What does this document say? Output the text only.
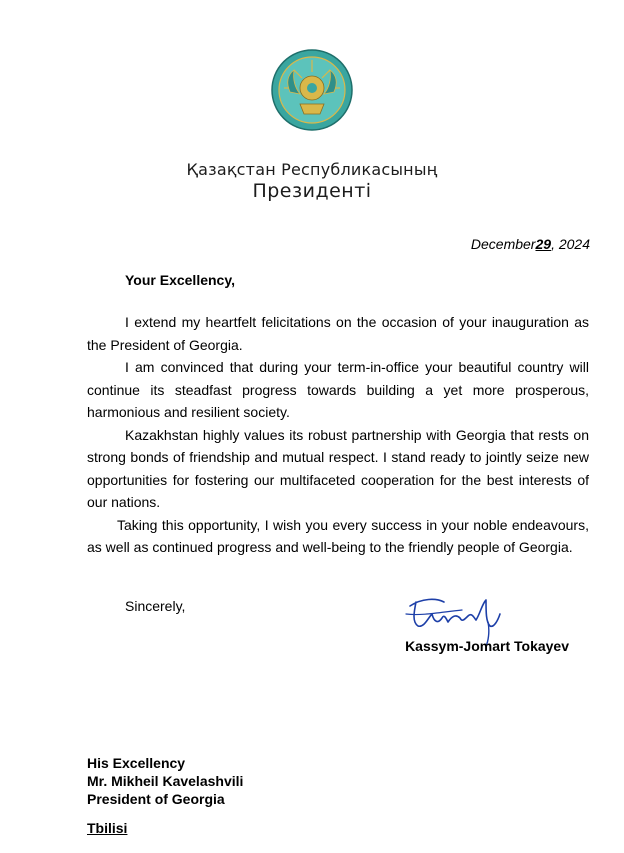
Қазақстан Республикасының
Президенті
December29, 2024
Your Excellency,

I extend my heartfelt felicitations on the occasion of your inauguration as the President of Georgia.

I am convinced that during your term-in-office your beautiful country will continue its steadfast progress towards building a yet more prosperous, harmonious and resilient society.

Kazakhstan highly values its robust partnership with Georgia that rests on strong bonds of friendship and mutual respect. I stand ready to jointly seize new opportunities for fostering our multifaceted cooperation for the best interests of our nations.

Taking this opportunity, I wish you every success in your noble endeavours, as well as continued progress and well-being to the friendly people of Georgia.

Sincerely,
Kassym-Jomart Tokayev
His Excellency
Mr. Mikheil Kavelashvili
President of Georgia
Tbilisi
